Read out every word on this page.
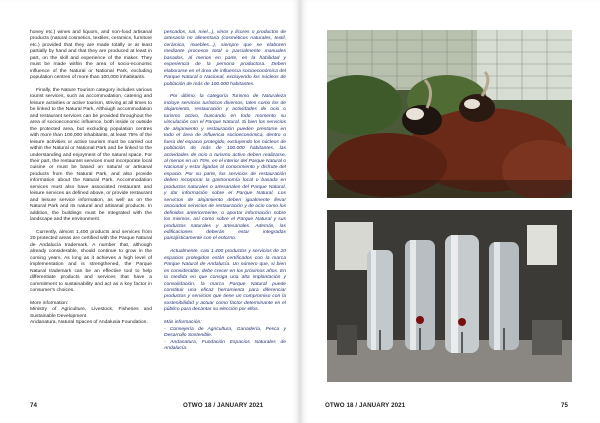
honey etc.) wines and liquors, and non-food artisanal products (natural cosmetics, textiles, ceramics, furniture etc.) provided that they are made totally or at least partially by hand and that they are produced at least in part, on the skill and experience of the maker. They must be made within the area of socio-economic influence of the Natural or National Park, excluding population centres of more than 100,000 inhabitants.

Finally, the Nature Tourism category includes various tourist services, such as accommodation, catering and leisure activities or active tourism, striving at all times to be linked to the Natural Park. Although accommodation and restaurant services can be provided throughout the area of socioeconomic influence, both inside or outside the protected area, but excluding population centres with more than 100,000 inhabitants, at least 75% of the leisure activities or active tourism must be carried out within the Natural or National Park and be linked to the understanding and enjoyment of the natural space. For their part, the restaurant services must incorporate local cuisine or must be based on natural or artisanal products from the Natural Park, and also provide information about the Natural Park. Accommodation services must also have associated restaurant and leisure services as defined above, or provide restaurant and leisure service information, as well as on the Natural Park and its natural and artisanal products. In addition, the buildings must be integrated with the landscape and the environment.

Currently, almost 1,400 products and services from 20 protected areas are certified with the Parque Natural de Andalucía trademark. A number that, although already considerable, should continue to grow in the coming years. As long as it achieves a high level of implementation and is strengthened, the Parque Natural trademark can be an effective tool to help differentiate products and services that have a commitment to sustainability and act as a key factor in consumer's choices.

More information:
Ministry of Agriculture, Livestock, Fisheries and Sustainable Development
Andanatura, Natural Spaces of Andalusia Foundation.

pescados, sal, miel...), vinos y licores o productos de artesanía no alimentaria (cosméticos naturales, textil, cerámica, muebles...), siempre que se elaboren mediante procesos total o parcialmente manuales basados, al menos en parte, en la habilidad y experiencia de la persona productora. Deben elaborarse en el área de influencia socioeconómica del Parque Natural o Nacional, excluyendo los núcleos de población de más de 100.000 habitantes.

Por último, la categoría Turismo de Naturaleza incluye servicios turísticos diversos, tales como los de alojamiento, restauración y actividades de ocio o turismo activo, buscando en todo momento su vinculación con el Parque Natural. Si bien los servicios de alojamiento y restauración pueden prestarse en todo el área de influencia socioeconómica, dentro o fuera del espacio protegido, excluyendo los núcleos de población de más de 100.000 habitantes, las actividades de ocio o turismo activo deben realizarse, al menos en un 75%, en el interior del Parque Natural o Nacional y estar ligadas al conocimiento y disfrute del espacio. Por su parte, los servicios de restauración deben incorporar la gastronomía local o basada en productos naturales o artesanales del Parque Natural, y dar información sobre el Parque Natural. Los servicios de alojamiento deben igualmente llevar asociados servicios de restauración y de ocio como los definidos anteriormente, o aportar información sobre los mismos, así como sobre el Parque Natural y sus productos naturales y artesanales. Además, las edificaciones deberán estar integradas paisajísticamente con el entorno.

Actualmente, casi 1.400 productos y servicios de 20 espacios protegidos están certificados con la marca Parque Natural de Andalucía. Un número que, si bien es considerable, debe crecer en los próximos años. En la medida en que consiga una alta implantación y consolidación, la marca Parque Natural puede constituir una eficaz herramienta para diferenciar productos y servicios que tiene un compromiso con la sostenibilidad y actuar como factor determinante en el público para decantar su elección por ellos.

Más información:
- Consejería de Agricultura, Ganadería, Pesca y Desarrollo Sostenible.
- Andanatura, Fundación Espacios Naturales de Andalucía.
74	OTWO 18 / JANUARY 2021	OTWO 18 / JANUARY 2021	75
